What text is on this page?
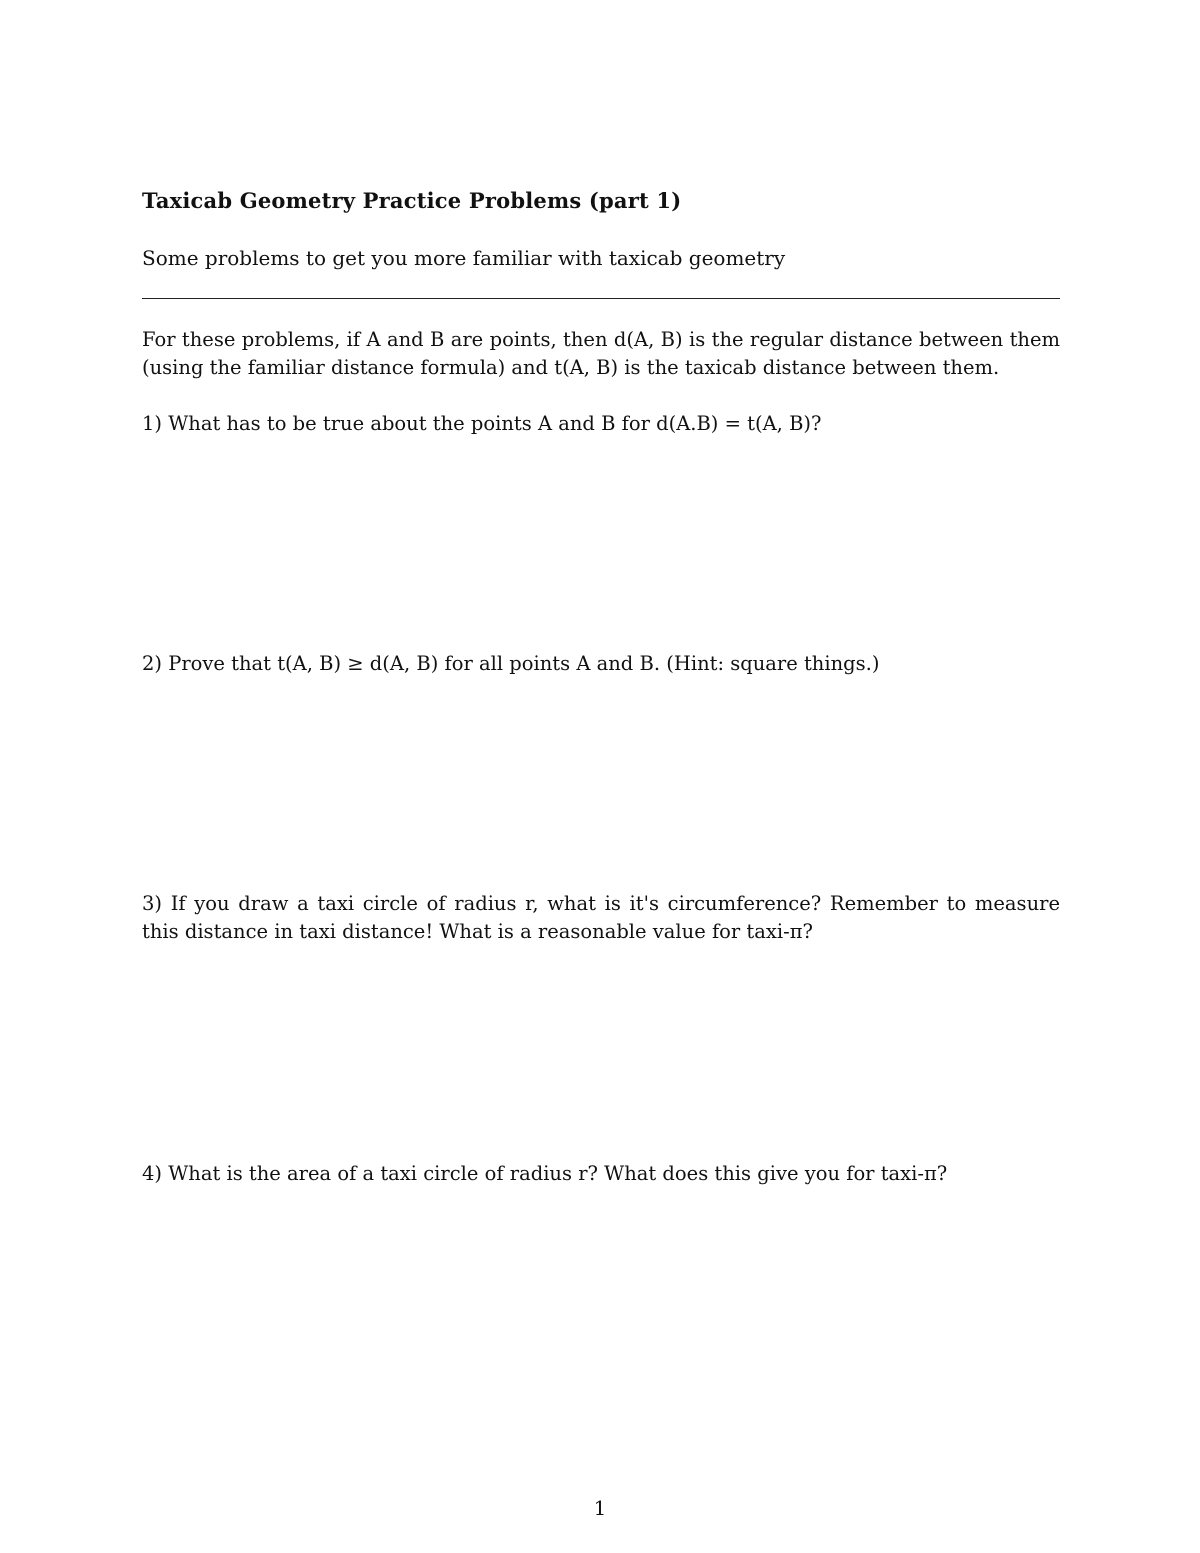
Taxicab Geometry Practice Problems (part 1)
Some problems to get you more familiar with taxicab geometry
For these problems, if A and B are points, then d(A, B) is the regular distance between them
(using the familiar distance formula) and t(A, B) is the taxicab distance between them.
1) What has to be true about the points A and B for d(A.B) = t(A, B)?
2) Prove that t(A, B) ≥ d(A, B) for all points A and B. (Hint: square things.)
3) If you draw a taxi circle of radius r, what is it's circumference? Remember to measure
this distance in taxi distance! What is a reasonable value for taxi-π?
4) What is the area of a taxi circle of radius r? What does this give you for taxi-π?
1
